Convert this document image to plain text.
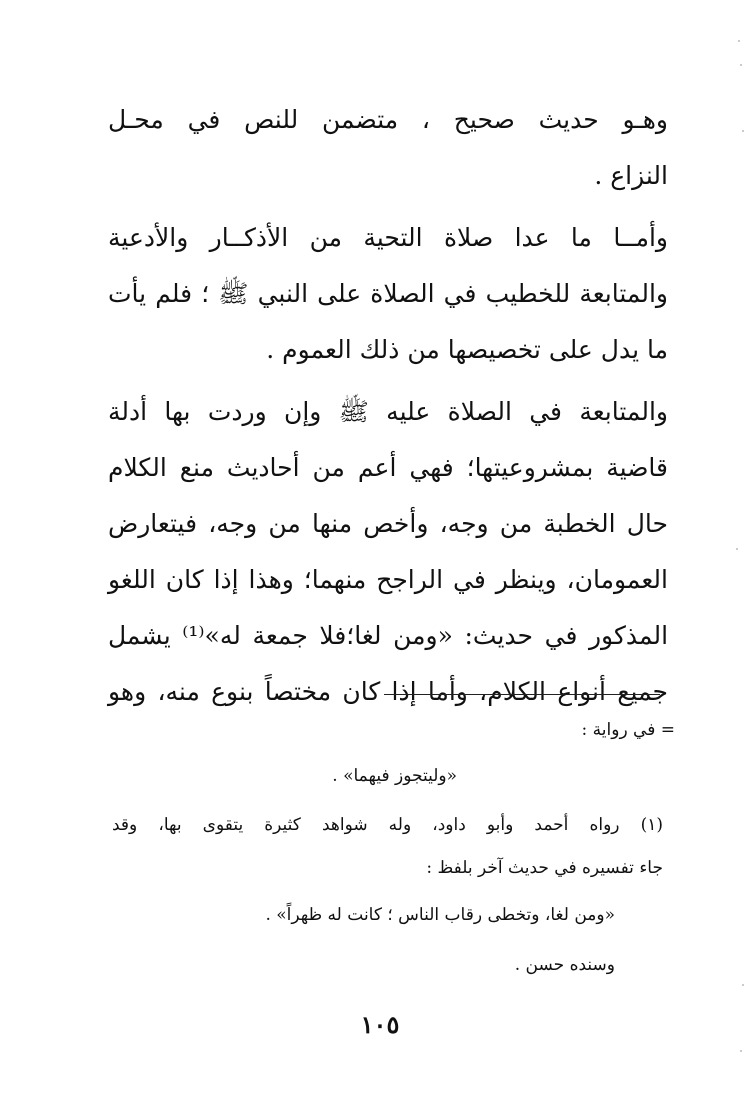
وهـو حديث صحيح ، متضمن للنص في محـل
النزاع .

وأمــا ما عدا صلاة التحية من الأذكــار والأدعية
والمتابعة للخطيب في الصلاة على النبي ﷺ ؛ فلم يأت
ما يدل على تخصيصها من ذلك العموم .

والمتابعة في الصلاة عليه ﷺ وإن وردت بها أدلة
قاضية بمشروعيتها؛ فهي أعم من أحاديث منع الكلام
حال الخطبة من وجه، وأخص منها من وجه، فيتعارض
العمومان، وينظر في الراجح منهما؛ وهذا إذا كان اللغو
المذكور في حديث: «ومن لغا؛فلا جمعة له»⁽¹⁾ يشمل
جميع أنواع الكلام، وأما إذا كان مختصاً بنوع منه، وهو

= في رواية :
«وليتجوز فيهما» .
(١) رواه أحمد وأبو داود، وله شواهد كثيرة يتقوى بها، وقد
جاء تفسيره في حديث آخر بلفظ :
«ومن لغا، وتخطى رقاب الناس ؛ كانت له ظهراً» .
وسنده حسن .
١٠٥
